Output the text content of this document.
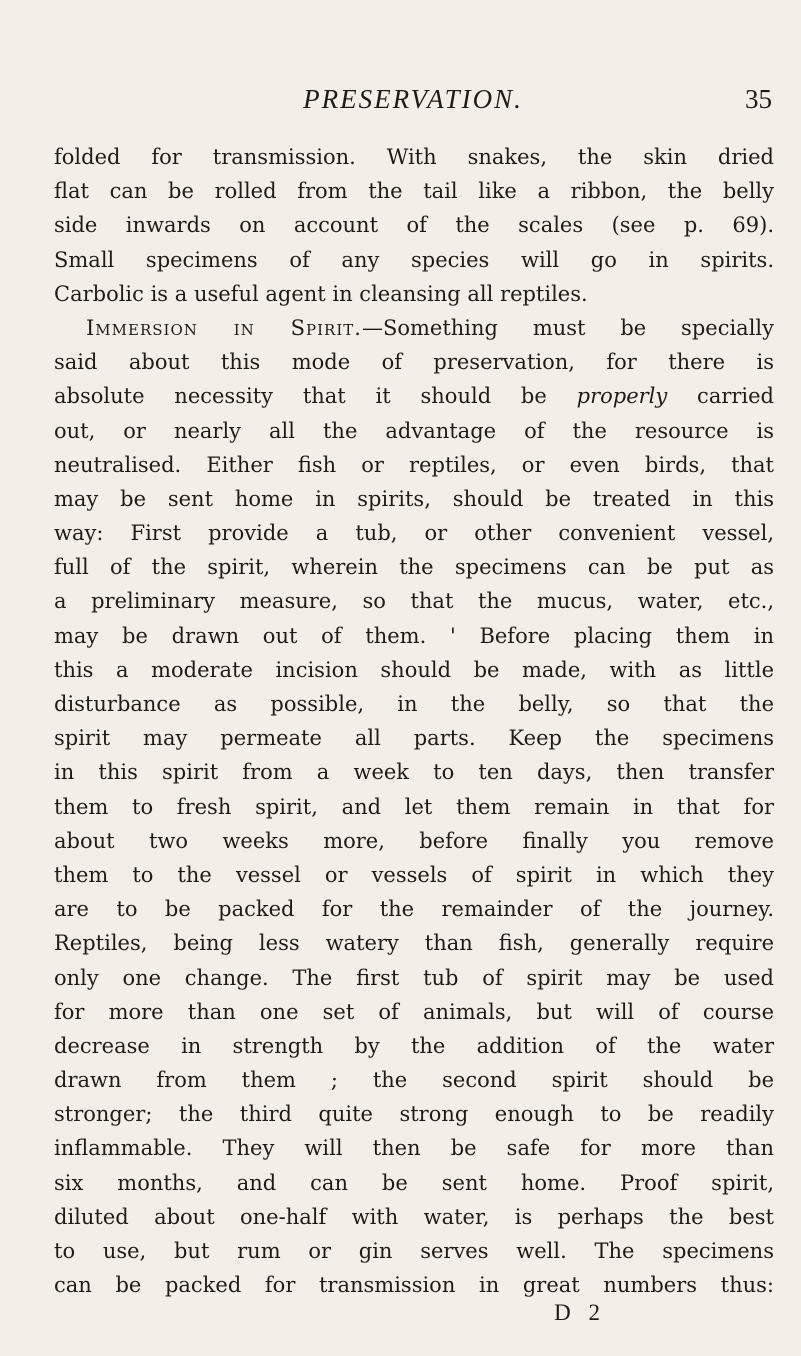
PRESERVATION.	35
folded for transmission. With snakes, the skin dried
flat can be rolled from the tail like a ribbon, the belly
side inwards on account of the scales (see p. 69).
Small specimens of any species will go in spirits.
Carbolic is a useful agent in cleansing all reptiles.
Immersion in Spirit.—Something must be specially
said about this mode of preservation, for there is
absolute necessity that it should be properly carried
out, or nearly all the advantage of the resource is
neutralised. Either fish or reptiles, or even birds, that
may be sent home in spirits, should be treated in this
way: First provide a tub, or other convenient vessel,
full of the spirit, wherein the specimens can be put as
a preliminary measure, so that the mucus, water, etc.,
may be drawn out of them. ' Before placing them in
this a moderate incision should be made, with as little
disturbance as possible, in the belly, so that the
spirit may permeate all parts. Keep the specimens
in this spirit from a week to ten days, then transfer
them to fresh spirit, and let them remain in that for
about two weeks more, before finally you remove
them to the vessel or vessels of spirit in which they
are to be packed for the remainder of the journey.
Reptiles, being less watery than fish, generally require
only one change. The first tub of spirit may be used
for more than one set of animals, but will of course
decrease in strength by the addition of the water
drawn from them ; the second spirit should be
stronger; the third quite strong enough to be readily
inflammable. They will then be safe for more than
six months, and can be sent home. Proof spirit,
diluted about one-half with water, is perhaps the best
to use, but rum or gin serves well. The specimens
can be packed for transmission in great numbers thus:
D 2
